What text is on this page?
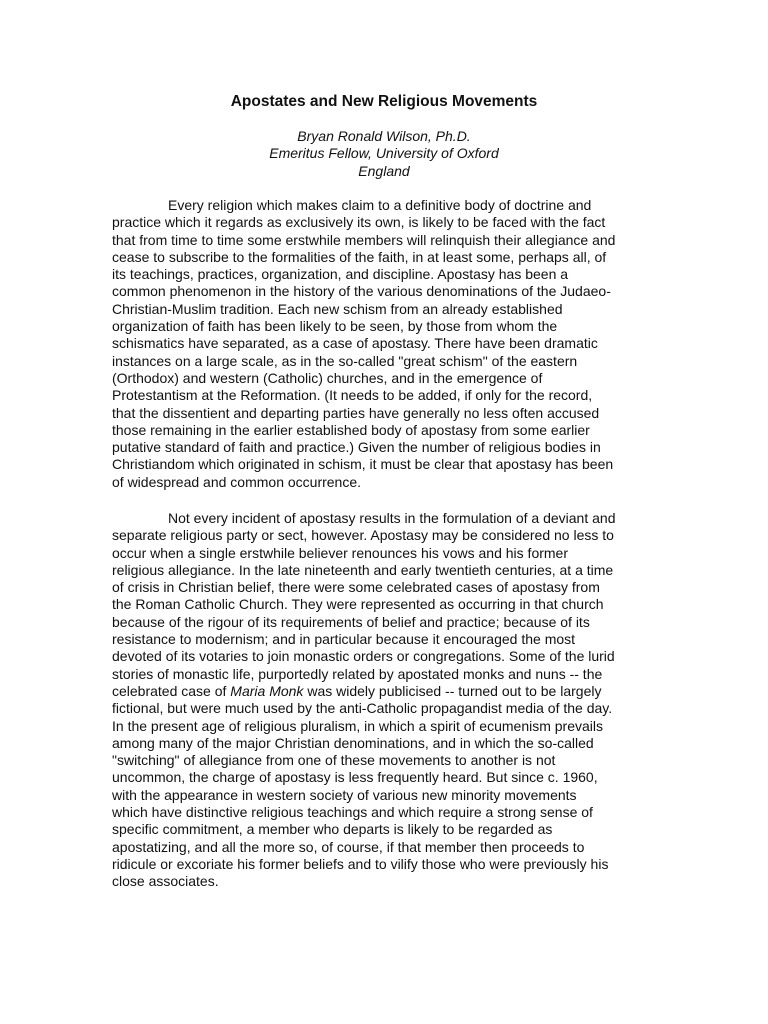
Apostates and New Religious Movements
Bryan Ronald Wilson, Ph.D.
Emeritus Fellow, University of Oxford
England
Every religion which makes claim to a definitive body of doctrine and
practice which it regards as exclusively its own, is likely to be faced with the fact
that from time to time some erstwhile members will relinquish their allegiance and
cease to subscribe to the formalities of the faith, in at least some, perhaps all, of
its teachings, practices, organization, and discipline. Apostasy has been a
common phenomenon in the history of the various denominations of the Judaeo-
Christian-Muslim tradition. Each new schism from an already established
organization of faith has been likely to be seen, by those from whom the
schismatics have separated, as a case of apostasy. There have been dramatic
instances on a large scale, as in the so-called "great schism" of the eastern
(Orthodox) and western (Catholic) churches, and in the emergence of
Protestantism at the Reformation. (It needs to be added, if only for the record,
that the dissentient and departing parties have generally no less often accused
those remaining in the earlier established body of apostasy from some earlier
putative standard of faith and practice.) Given the number of religious bodies in
Christiandom which originated in schism, it must be clear that apostasy has been
of widespread and common occurrence.
Not every incident of apostasy results in the formulation of a deviant and
separate religious party or sect, however. Apostasy may be considered no less to
occur when a single erstwhile believer renounces his vows and his former
religious allegiance. In the late nineteenth and early twentieth centuries, at a time
of crisis in Christian belief, there were some celebrated cases of apostasy from
the Roman Catholic Church. They were represented as occurring in that church
because of the rigour of its requirements of belief and practice; because of its
resistance to modernism; and in particular because it encouraged the most
devoted of its votaries to join monastic orders or congregations. Some of the lurid
stories of monastic life, purportedly related by apostated monks and nuns -- the
celebrated case of Maria Monk was widely publicised -- turned out to be largely
fictional, but were much used by the anti-Catholic propagandist media of the day.
In the present age of religious pluralism, in which a spirit of ecumenism prevails
among many of the major Christian denominations, and in which the so-called
"switching" of allegiance from one of these movements to another is not
uncommon, the charge of apostasy is less frequently heard. But since c. 1960,
with the appearance in western society of various new minority movements
which have distinctive religious teachings and which require a strong sense of
specific commitment, a member who departs is likely to be regarded as
apostatizing, and all the more so, of course, if that member then proceeds to
ridicule or excoriate his former beliefs and to vilify those who were previously his
close associates.
